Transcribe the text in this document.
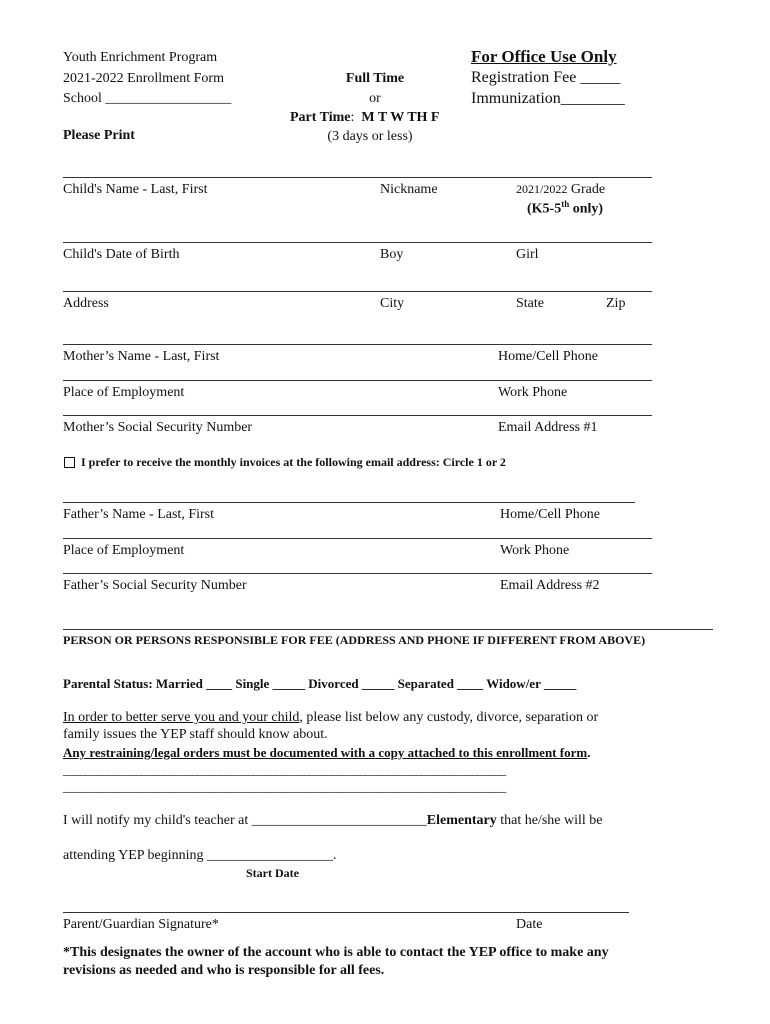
Youth Enrichment Program
2021-2022 Enrollment Form
School __________________
Please Print
Full Time
or
Part Time: M T W TH F
(3 days or less)
For Office Use Only
Registration Fee _____
Immunization________
Child's Name - Last, First	Nickname	2021/2022 Grade
(K5-5th only)
Child's Date of Birth	Boy	Girl
Address	City	State	Zip
Mother’s Name - Last, First	Home/Cell Phone
Place of Employment	Work Phone
Mother’s Social Security Number	Email Address #1
I prefer to receive the monthly invoices at the following email address: Circle 1 or 2
Father’s Name - Last, First	Home/Cell Phone
Place of Employment	Work Phone
Father’s Social Security Number	Email Address #2
PERSON OR PERSONS RESPONSIBLE FOR FEE (ADDRESS AND PHONE IF DIFFERENT FROM ABOVE)
Parental Status: Married ____ Single _____ Divorced _____ Separated ____ Widow/er _____
In order to better serve you and your child, please list below any custody, divorce, separation or
family issues the YEP staff should know about.
Any restraining/legal orders must be documented with a copy attached to this enrollment form.
_______________________________________________________________________________
_______________________________________________________________________________
I will notify my child's teacher at _________________________Elementary that he/she will be
attending YEP beginning __________________.
Start Date
Parent/Guardian Signature*	Date
*This designates the owner of the account who is able to contact the YEP office to make any
revisions as needed and who is responsible for all fees.
